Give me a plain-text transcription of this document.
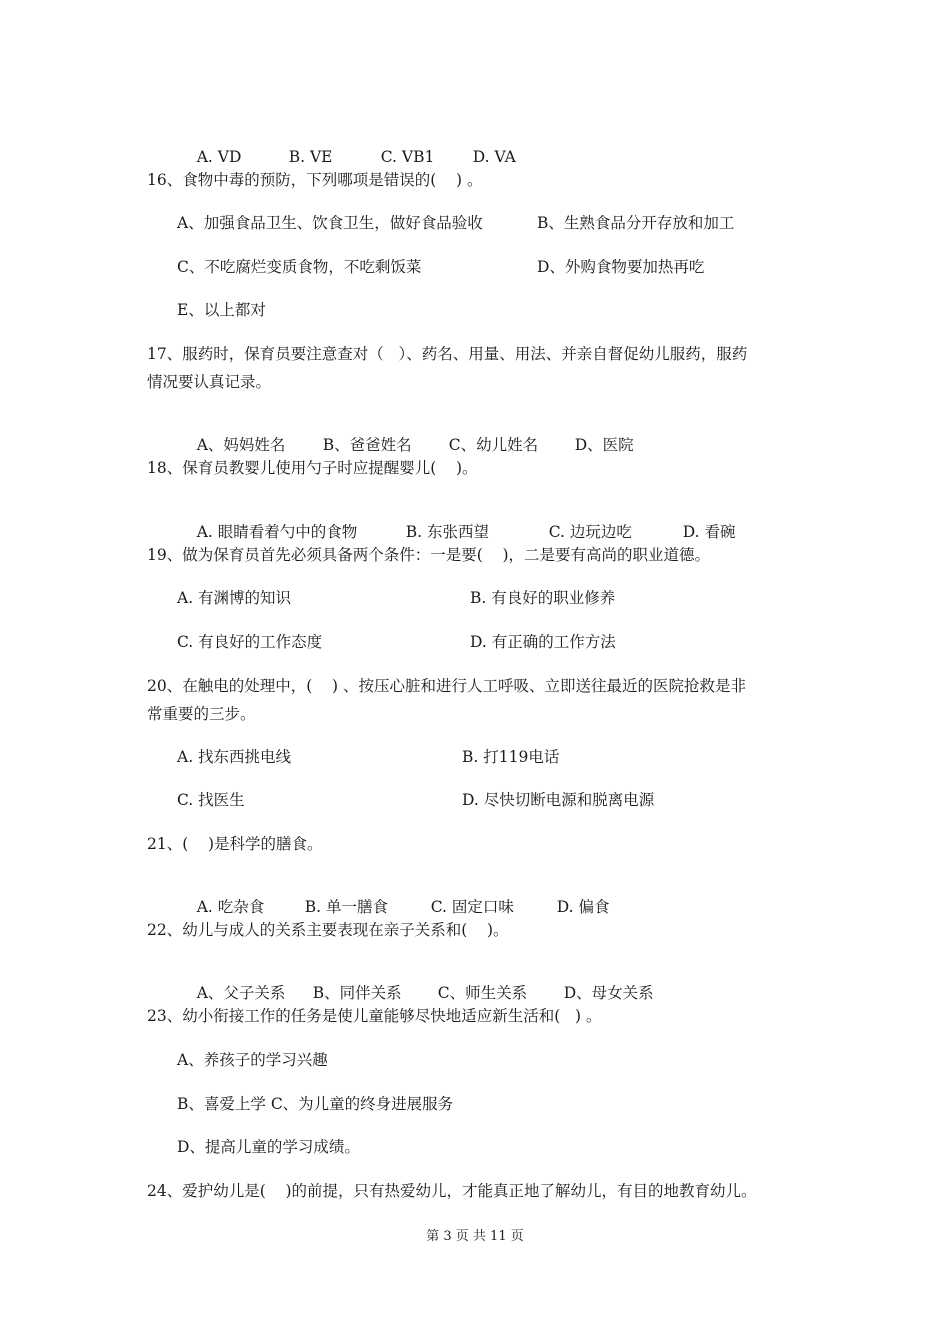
A. VD	B. VE	C. VB1 D. VA

16、食物中毒的预防，下列哪项是错误的(    ) 。
A、加强食品卫生、饮食卫生，做好食品验收	B、生熟食品分开存放和加工
C、不吃腐烂变质食物，不吃剩饭菜	D、外购食物要加热再吃
E、以上都对
17、服药时，保育员要注意查对（   ）、药名、用量、用法、并亲自督促幼儿服药，服药
情况要认真记录。

A、妈妈姓名 B、爸爸姓名 C、幼儿姓名 D、医院

18、保育员教婴儿使用勺子时应提醒婴儿(    )。

A. 眼睛看着勺中的食物	B. 东张西望	C. 边玩边吃	D. 看碗

19、做为保育员首先必须具备两个条件：一是要(    )，二是要有高尚的职业道德。
A. 有渊博的知识	B. 有良好的职业修养
C. 有良好的工作态度	D. 有正确的工作方法
20、在触电的处理中，(    ) 、按压心脏和进行人工呼吸、立即送往最近的医院抢救是非
常重要的三步。
A. 找东西挑电线	B. 打119电话
C. 找医生	D. 尽快切断电源和脱离电源
21、(    )是科学的膳食。

A. 吃杂食	B. 单一膳食	C. 固定口味	D. 偏食

22、幼儿与成人的关系主要表现在亲子关系和(    )。

A、父子关系 B、同伴关系 C、师生关系 D、母女关系

23、幼小衔接工作的任务是使儿童能够尽快地适应新生活和(   ) 。
A、养孩子的学习兴趣
B、喜爱上学 C、为儿童的终身进展服务
D、提高儿童的学习成绩。
24、爱护幼儿是(    )的前提，只有热爱幼儿，才能真正地了解幼儿，有目的地教育幼儿。
第 3 页 共 11 页
